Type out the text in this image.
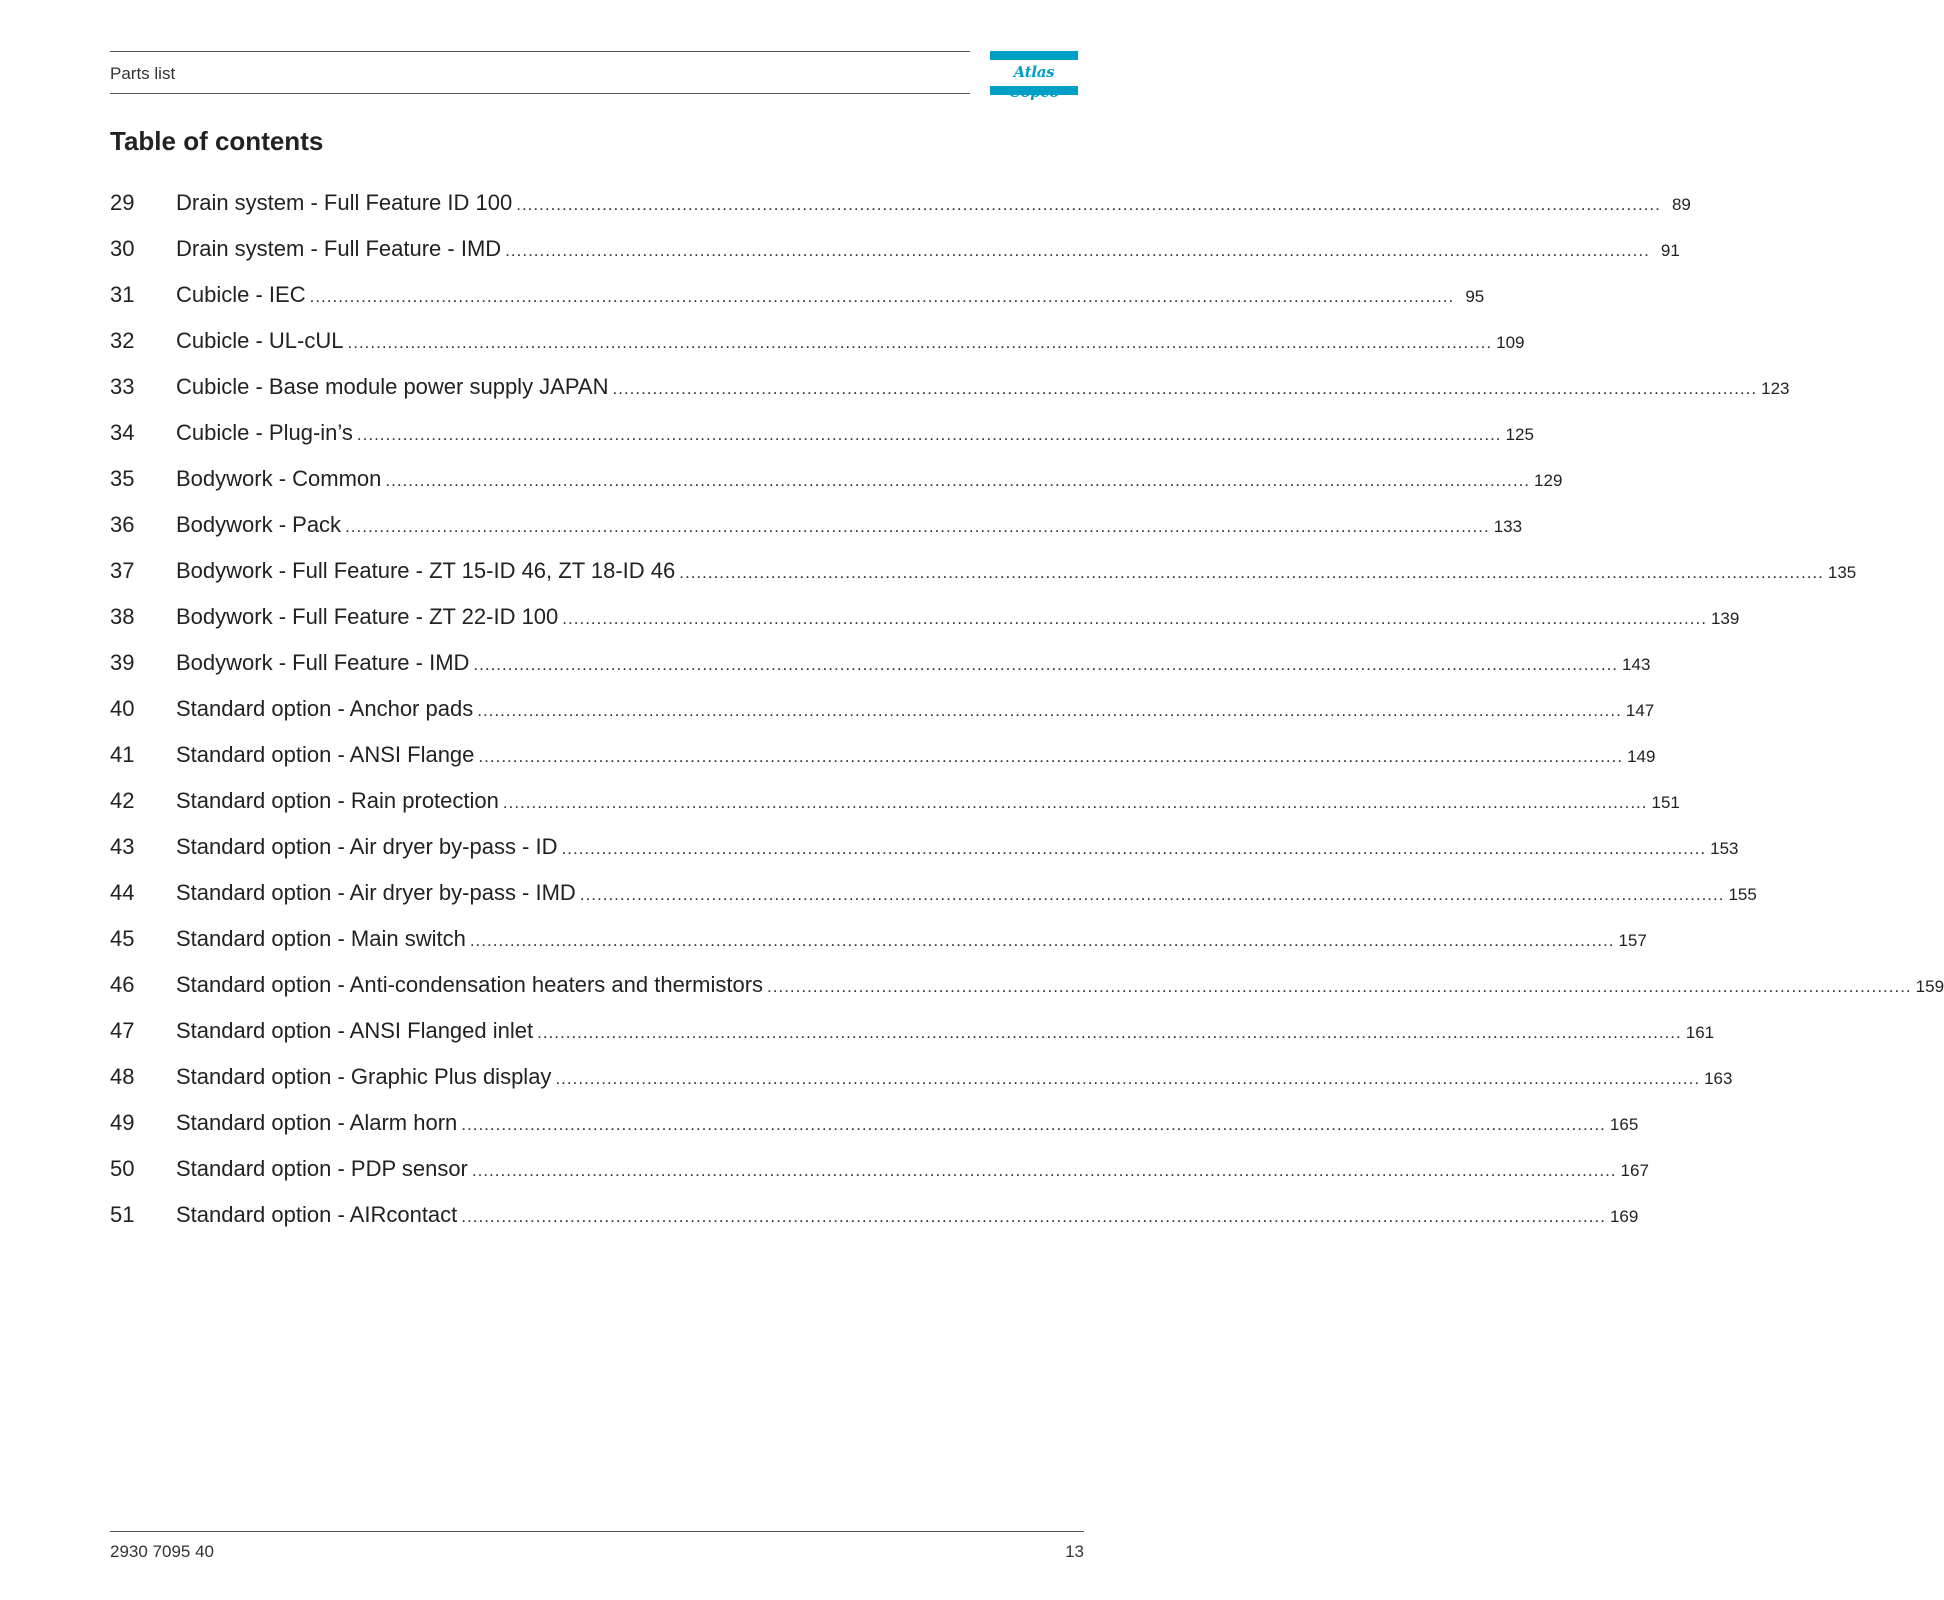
Parts list	Atlas
Table of contents
29	Drain system - Full Feature ID 100 ........................................................................................................................................................................................................ 89
30	Drain system - Full Feature - IMD ........................................................................................................................................................................................................ 91
31	Cubicle - IEC ........................................................................................................................................................................................................ 95
32	Cubicle - UL-cUL ........................................................................................................................................................................................................ 109
33	Cubicle - Base module power supply JAPAN ........................................................................................................................................................................................................ 123
34	Cubicle - Plug-in’s ........................................................................................................................................................................................................ 125
35	Bodywork - Common ........................................................................................................................................................................................................ 129
36	Bodywork - Pack ........................................................................................................................................................................................................ 133
37	Bodywork - Full Feature - ZT 15-ID 46, ZT 18-ID 46 ........................................................................................................................................................................................................ 135
38	Bodywork - Full Feature - ZT 22-ID 100 ........................................................................................................................................................................................................ 139
39	Bodywork - Full Feature - IMD ........................................................................................................................................................................................................ 143
40	Standard option - Anchor pads ........................................................................................................................................................................................................ 147
41	Standard option - ANSI Flange ........................................................................................................................................................................................................ 149
42	Standard option - Rain protection ........................................................................................................................................................................................................ 151
43	Standard option - Air dryer by-pass - ID ........................................................................................................................................................................................................ 153
44	Standard option - Air dryer by-pass - IMD ........................................................................................................................................................................................................ 155
45	Standard option - Main switch ........................................................................................................................................................................................................ 157
46	Standard option - Anti-condensation heaters and thermistors ........................................................................................................................................................................................................ 159
47	Standard option - ANSI Flanged inlet ........................................................................................................................................................................................................ 161
48	Standard option - Graphic Plus display ........................................................................................................................................................................................................ 163
49	Standard option - Alarm horn ........................................................................................................................................................................................................ 165
50	Standard option - PDP sensor ........................................................................................................................................................................................................ 167
51	Standard option - AIRcontact ........................................................................................................................................................................................................ 169
2930 7095 40	13
